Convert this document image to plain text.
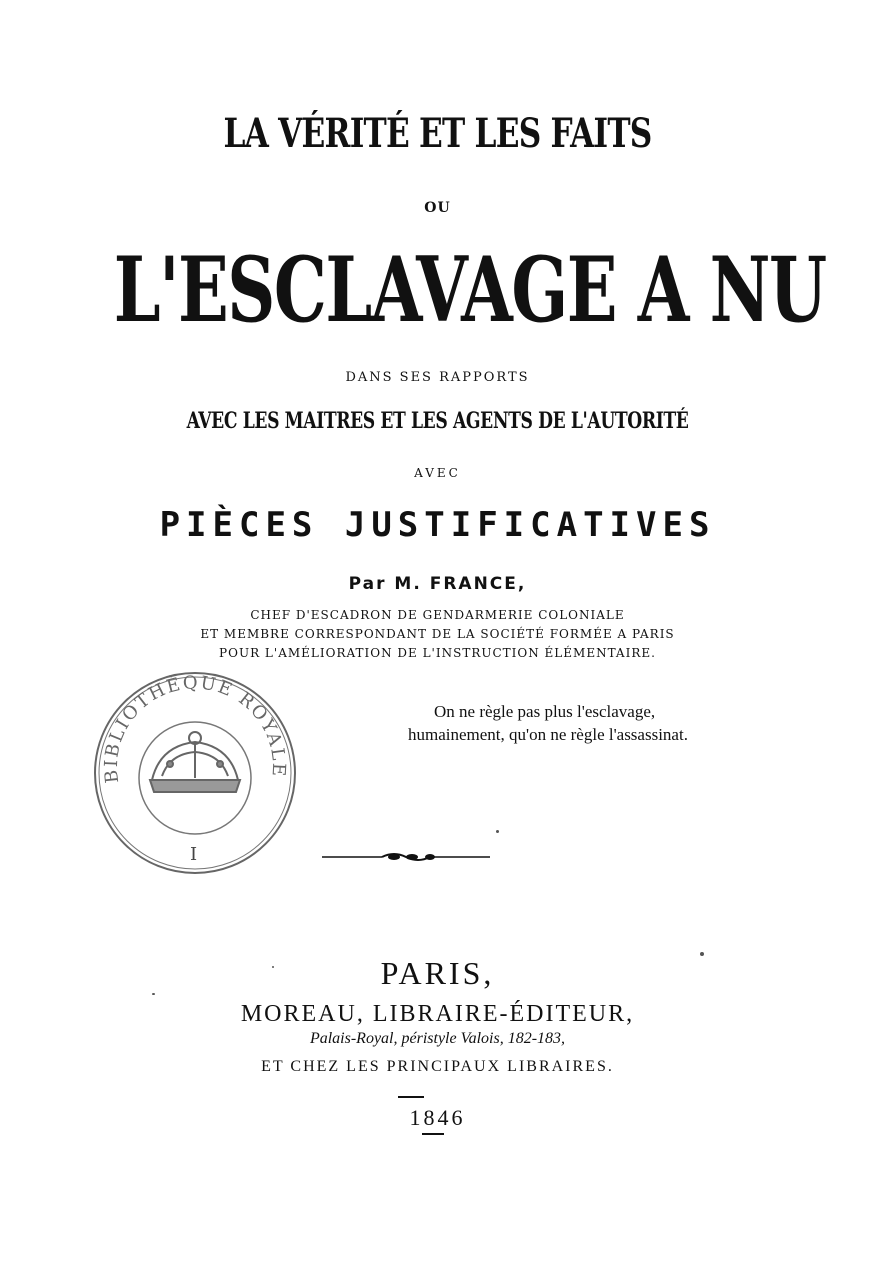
LA VÉRITÉ ET LES FAITS
OU
L'ESCLAVAGE A NU
DANS SES RAPPORTS
AVEC LES MAITRES ET LES AGENTS DE L'AUTORITÉ
AVEC
PIÈCES JUSTIFICATIVES
Par M. FRANCE,
CHEF D'ESCADRON DE GENDARMERIE COLONIALE
ET MEMBRE CORRESPONDANT DE LA SOCIÉTÉ FORMÉE A PARIS
POUR L'AMÉLIORATION DE L'INSTRUCTION ÉLÉMENTAIRE.
BIBLIOTHÈQUE ROYALE
I
On ne règle pas plus l'esclavage, humainement, qu'on ne règle l'assassinat.
PARIS,
MOREAU, LIBRAIRE-ÉDITEUR,
Palais-Royal, péristyle Valois, 182-183,
ET CHEZ LES PRINCIPAUX LIBRAIRES.
1846
